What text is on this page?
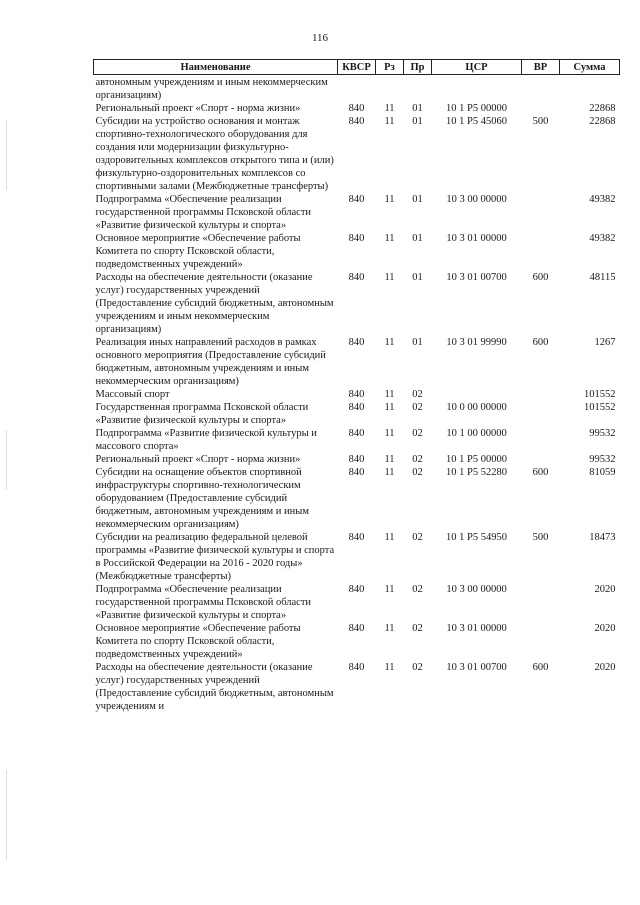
116
Наименование	КВСР	Рз	Пр	ЦСР	ВР	Сумма
автономным учреждениям и иным некоммерческим организациям)						
Региональный проект «Спорт - норма жизни»	840	11	01	10 1 P5 00000		22868
Субсидии на устройство основания и монтаж спортивно-технологического оборудования для создания или модернизации физкультурно-оздоровительных комплексов открытого типа и (или) физкультурно-оздоровительных комплексов со спортивными залами (Межбюджетные трансферты)	840	11	01	10 1 P5 45060	500	22868
Подпрограмма «Обеспечение реализации государственной программы Псковской области «Развитие физической культуры и спорта»	840	11	01	10 3 00 00000		49382
Основное мероприятие «Обеспечение работы Комитета по спорту Псковской области, подведомственных учреждений»	840	11	01	10 3 01 00000		49382
Расходы на обеспечение деятельности (оказание услуг) государственных учреждений (Предоставление субсидий бюджетным, автономным учреждениям и иным некоммерческим организациям)	840	11	01	10 3 01 00700	600	48115
Реализация иных направлений расходов в рамках основного мероприятия (Предоставление субсидий бюджетным, автономным учреждениям и иным некоммерческим организациям)	840	11	01	10 3 01 99990	600	1267
Массовый спорт	840	11	02			101552
Государственная программа Псковской области «Развитие физической культуры и спорта»	840	11	02	10 0 00 00000		101552
Подпрограмма «Развитие физической культуры и массового спорта»	840	11	02	10 1 00 00000		99532
Региональный проект «Спорт - норма жизни»	840	11	02	10 1 P5 00000		99532
Субсидии на оснащение объектов спортивной инфраструктуры спортивно-технологическим оборудованием (Предоставление субсидий бюджетным, автономным учреждениям и иным некоммерческим организациям)	840	11	02	10 1 P5 52280	600	81059
Субсидии на реализацию федеральной целевой программы «Развитие физической культуры и спорта в Российской Федерации на 2016 - 2020 годы» (Межбюджетные трансферты)	840	11	02	10 1 P5 54950	500	18473
Подпрограмма «Обеспечение реализации государственной программы Псковской области «Развитие физической культуры и спорта»	840	11	02	10 3 00 00000		2020
Основное мероприятие «Обеспечение работы Комитета по спорту Псковской области, подведомственных учреждений»	840	11	02	10 3 01 00000		2020
Расходы на обеспечение деятельности (оказание услуг) государственных учреждений (Предоставление субсидий бюджетным, автономным учреждениям и	840	11	02	10 3 01 00700	600	2020
